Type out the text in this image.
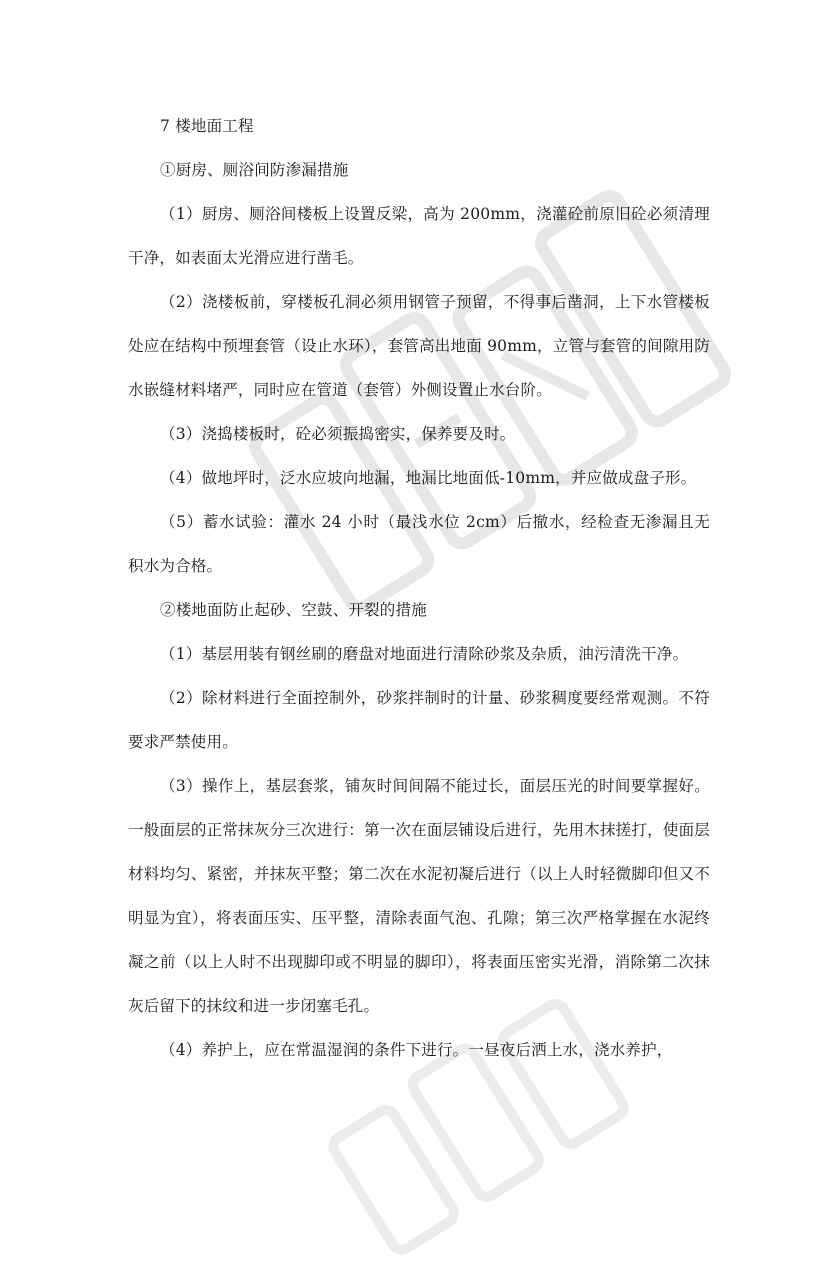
7 楼地面工程

①厨房、厕浴间防渗漏措施

（1）厨房、厕浴间楼板上设置反梁，高为 200mm，浇灌砼前原旧砼必须清理干净，如表面太光滑应进行凿毛。

（2）浇楼板前，穿楼板孔洞必须用钢管子预留，不得事后凿洞，上下水管楼板处应在结构中预埋套管（设止水环），套管高出地面 90mm，立管与套管的间隙用防水嵌缝材料堵严，同时应在管道（套管）外侧设置止水台阶。

（3）浇捣楼板时，砼必须振捣密实，保养要及时。

（4）做地坪时，泛水应坡向地漏，地漏比地面低-10mm，并应做成盘子形。

（5）蓄水试验：灌水 24 小时（最浅水位 2cm）后撤水，经检查无渗漏且无积水为合格。

②楼地面防止起砂、空鼓、开裂的措施

（1）基层用装有钢丝刷的磨盘对地面进行清除砂浆及杂质，油污清洗干净。

（2）除材料进行全面控制外，砂浆拌制时的计量、砂浆稠度要经常观测。不符要求严禁使用。

（3）操作上，基层套浆，铺灰时间间隔不能过长，面层压光的时间要掌握好。一般面层的正常抹灰分三次进行：第一次在面层铺设后进行，先用木抹搓打，使面层材料均匀、紧密，并抹灰平整；第二次在水泥初凝后进行（以上人时轻微脚印但又不明显为宜），将表面压实、压平整，清除表面气泡、孔隙；第三次严格掌握在水泥终凝之前（以上人时不出现脚印或不明显的脚印），将表面压密实光滑，消除第二次抹灰后留下的抹纹和进一步闭塞毛孔。

（4）养护上，应在常温湿润的条件下进行。一昼夜后洒上水，浇水养护，
